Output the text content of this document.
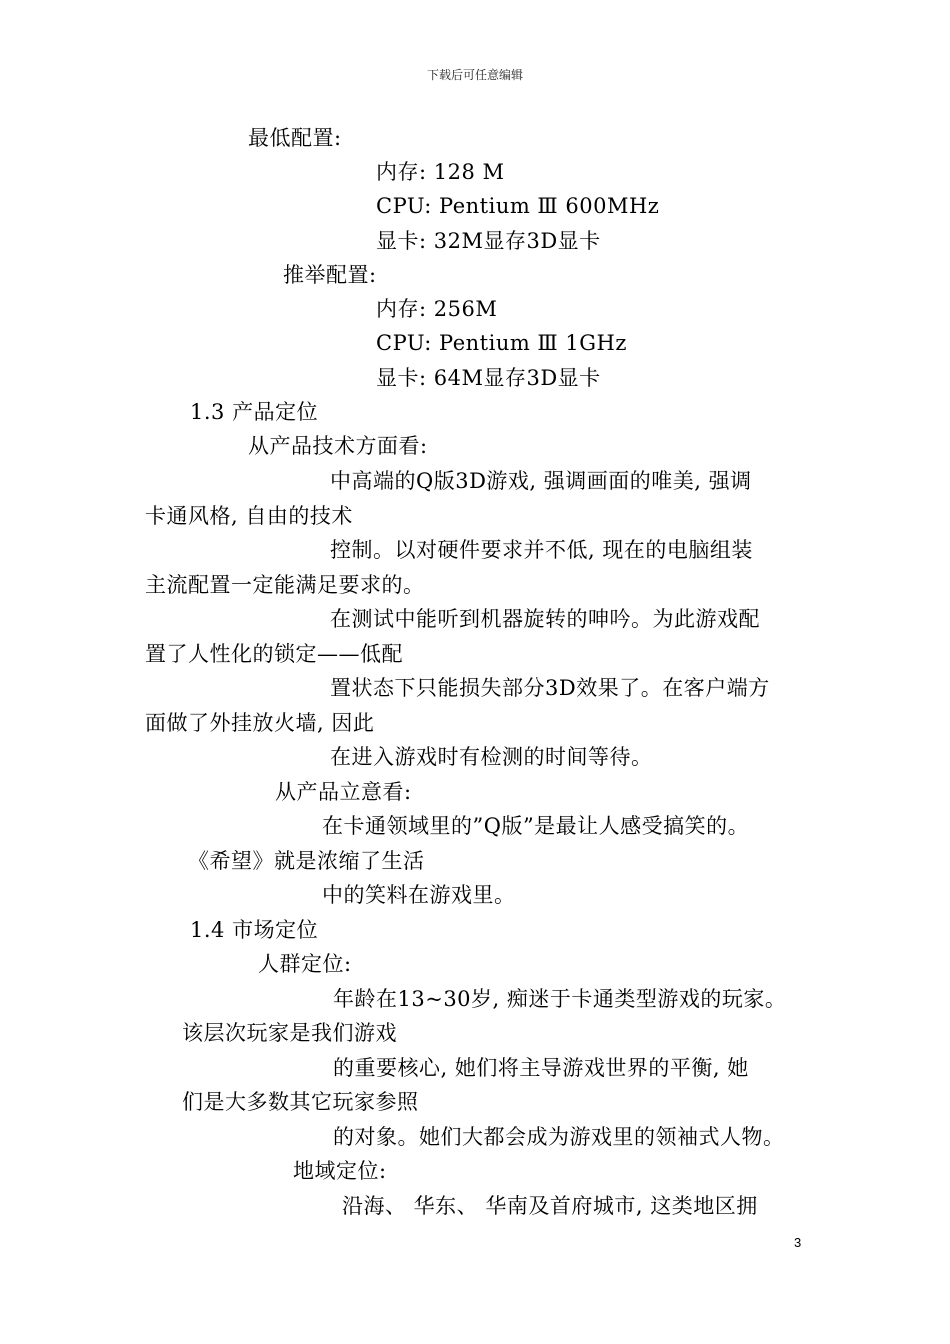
下载后可任意编辑
最低配置:
内存: 128 M
CPU: Pentium Ⅲ 600MHz
显卡: 32M显存3D显卡
推举配置:
内存: 256M
CPU: Pentium Ⅲ 1GHz
显卡: 64M显存3D显卡
1.3 产品定位
从产品技术方面看:
中高端的Q版3D游戏, 强调画面的唯美, 强调
卡通风格, 自由的技术
控制。以对硬件要求并不低, 现在的电脑组装
主流配置一定能满足要求的。
在测试中能听到机器旋转的呻吟。为此游戏配
置了人性化的锁定——低配
置状态下只能损失部分3D效果了。在客户端方
面做了外挂放火墙, 因此
在进入游戏时有检测的时间等待。
从产品立意看:
在卡通领域里的”Q版”是最让人感受搞笑的。
《希望》就是浓缩了生活
中的笑料在游戏里。
1.4 市场定位
人群定位:
年龄在13~30岁, 痴迷于卡通类型游戏的玩家。
该层次玩家是我们游戏
的重要核心, 她们将主导游戏世界的平衡, 她
们是大多数其它玩家参照
的对象。她们大都会成为游戏里的领袖式人物。
地域定位:
沿海、 华东、 华南及首府城市, 这类地区拥
3
